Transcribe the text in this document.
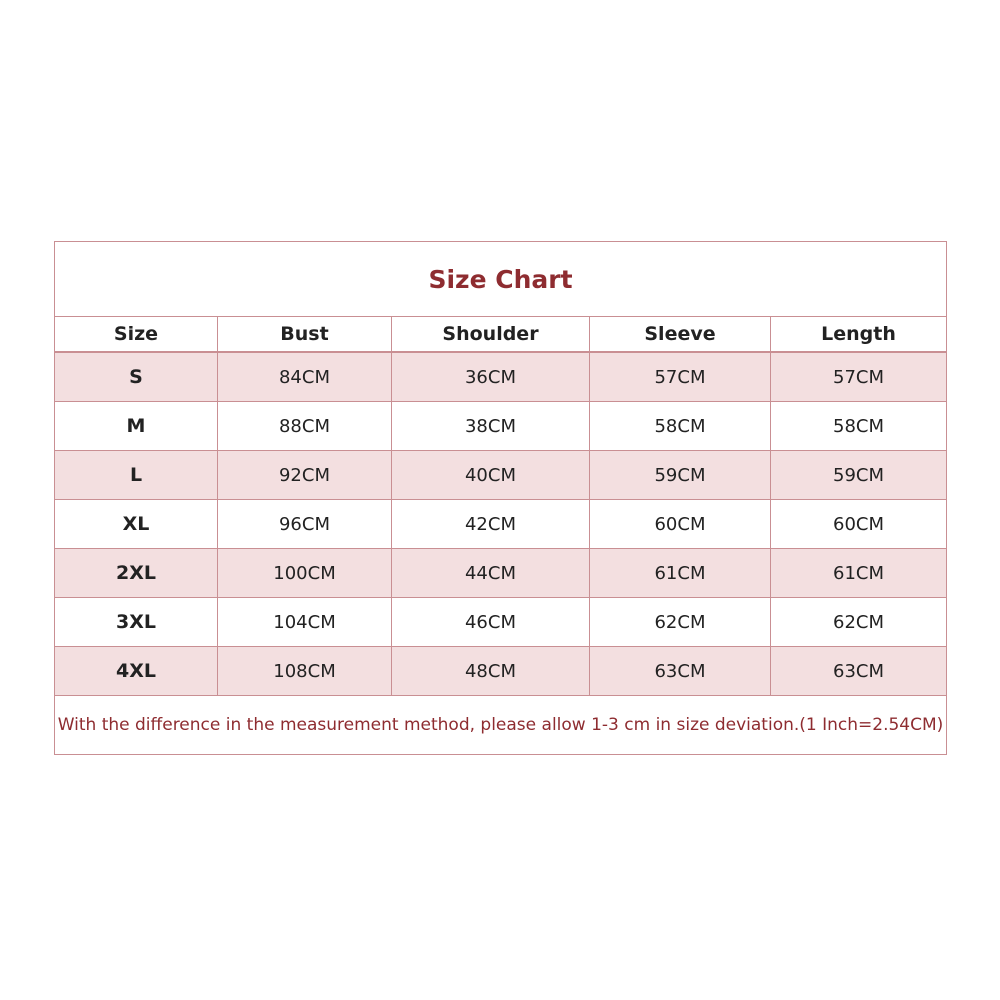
Size Chart				
Size	Bust	Shoulder	Sleeve	Length
S	84CM	36CM	57CM	57CM
M	88CM	38CM	58CM	58CM
L	92CM	40CM	59CM	59CM
XL	96CM	42CM	60CM	60CM
2XL	100CM	44CM	61CM	61CM
3XL	104CM	46CM	62CM	62CM
4XL	108CM	48CM	63CM	63CM
With the difference in the measurement method, please allow 1-3 cm in size deviation.(1 Inch=2.54CM)				
